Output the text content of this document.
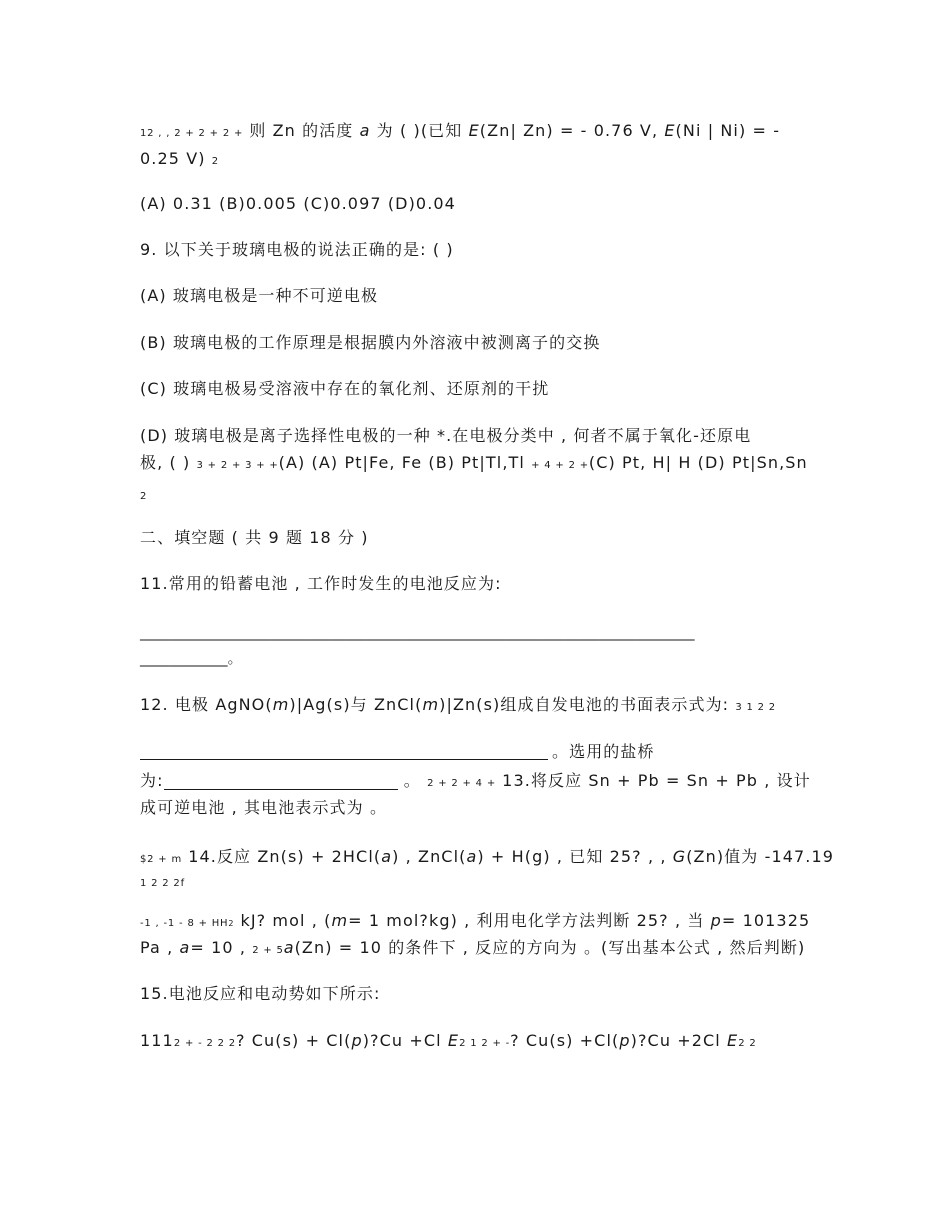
12 , , 2 + 2 + 2 + 则 Zn 的活度 a 为 ( )(已知 E(Zn| Zn) = - 0.76 V, E(Ni | Ni) = -
0.25 V) 2
(A) 0.31 (B)0.005 (C)0.097 (D)0.04
9. 以下关于玻璃电极的说法正确的是: ( )
(A) 玻璃电极是一种不可逆电极
(B) 玻璃电极的工作原理是根据膜内外溶液中被测离子的交换
(C) 玻璃电极易受溶液中存在的氧化剂、还原剂的干扰
(D) 玻璃电极是离子选择性电极的一种 *.在电极分类中 , 何者不属于氧化-还原电
极, ( ) 3 + 2 + 3 + +(A) (A) Pt|Fe, Fe (B) Pt|Tl,Tl + 4 + 2 +(C) Pt, H| H (D) Pt|Sn,Sn
2
二、填空题 ( 共 9 题 18 分 )
11.常用的铅蓄电池 , 工作时发生的电池反应为:
____________________________________________________________________________
____________。
12. 电极 AgNO(m)|Ag(s)与 ZnCl(m)|Zn(s)组成自发电池的书面表示式为: 3 1 2 2
。选用的盐桥
为:	。 2 + 2 + 4 + 13.将反应 Sn + Pb = Sn + Pb , 设计
成可逆电池 , 其电池表示式为 。
$2 + m 14.反应 Zn(s) + 2HCl(a) , ZnCl(a) + H(g) , 已知 25? , , G(Zn)值为 -147.19
1 2 2 2f
-1 , -1 - 8 + HH2 kJ? mol , (m= 1 mol?kg) , 利用电化学方法判断 25? , 当 p= 101325
Pa , a= 10 , 2 + 5a(Zn) = 10 的条件下 , 反应的方向为 。(写出基本公式 , 然后判断)
15.电池反应和电动势如下所示:
1112 + - 2 2 2? Cu(s) + Cl(p)?Cu +Cl E2 1 2 + -? Cu(s) +Cl(p)?Cu +2Cl E2 2
